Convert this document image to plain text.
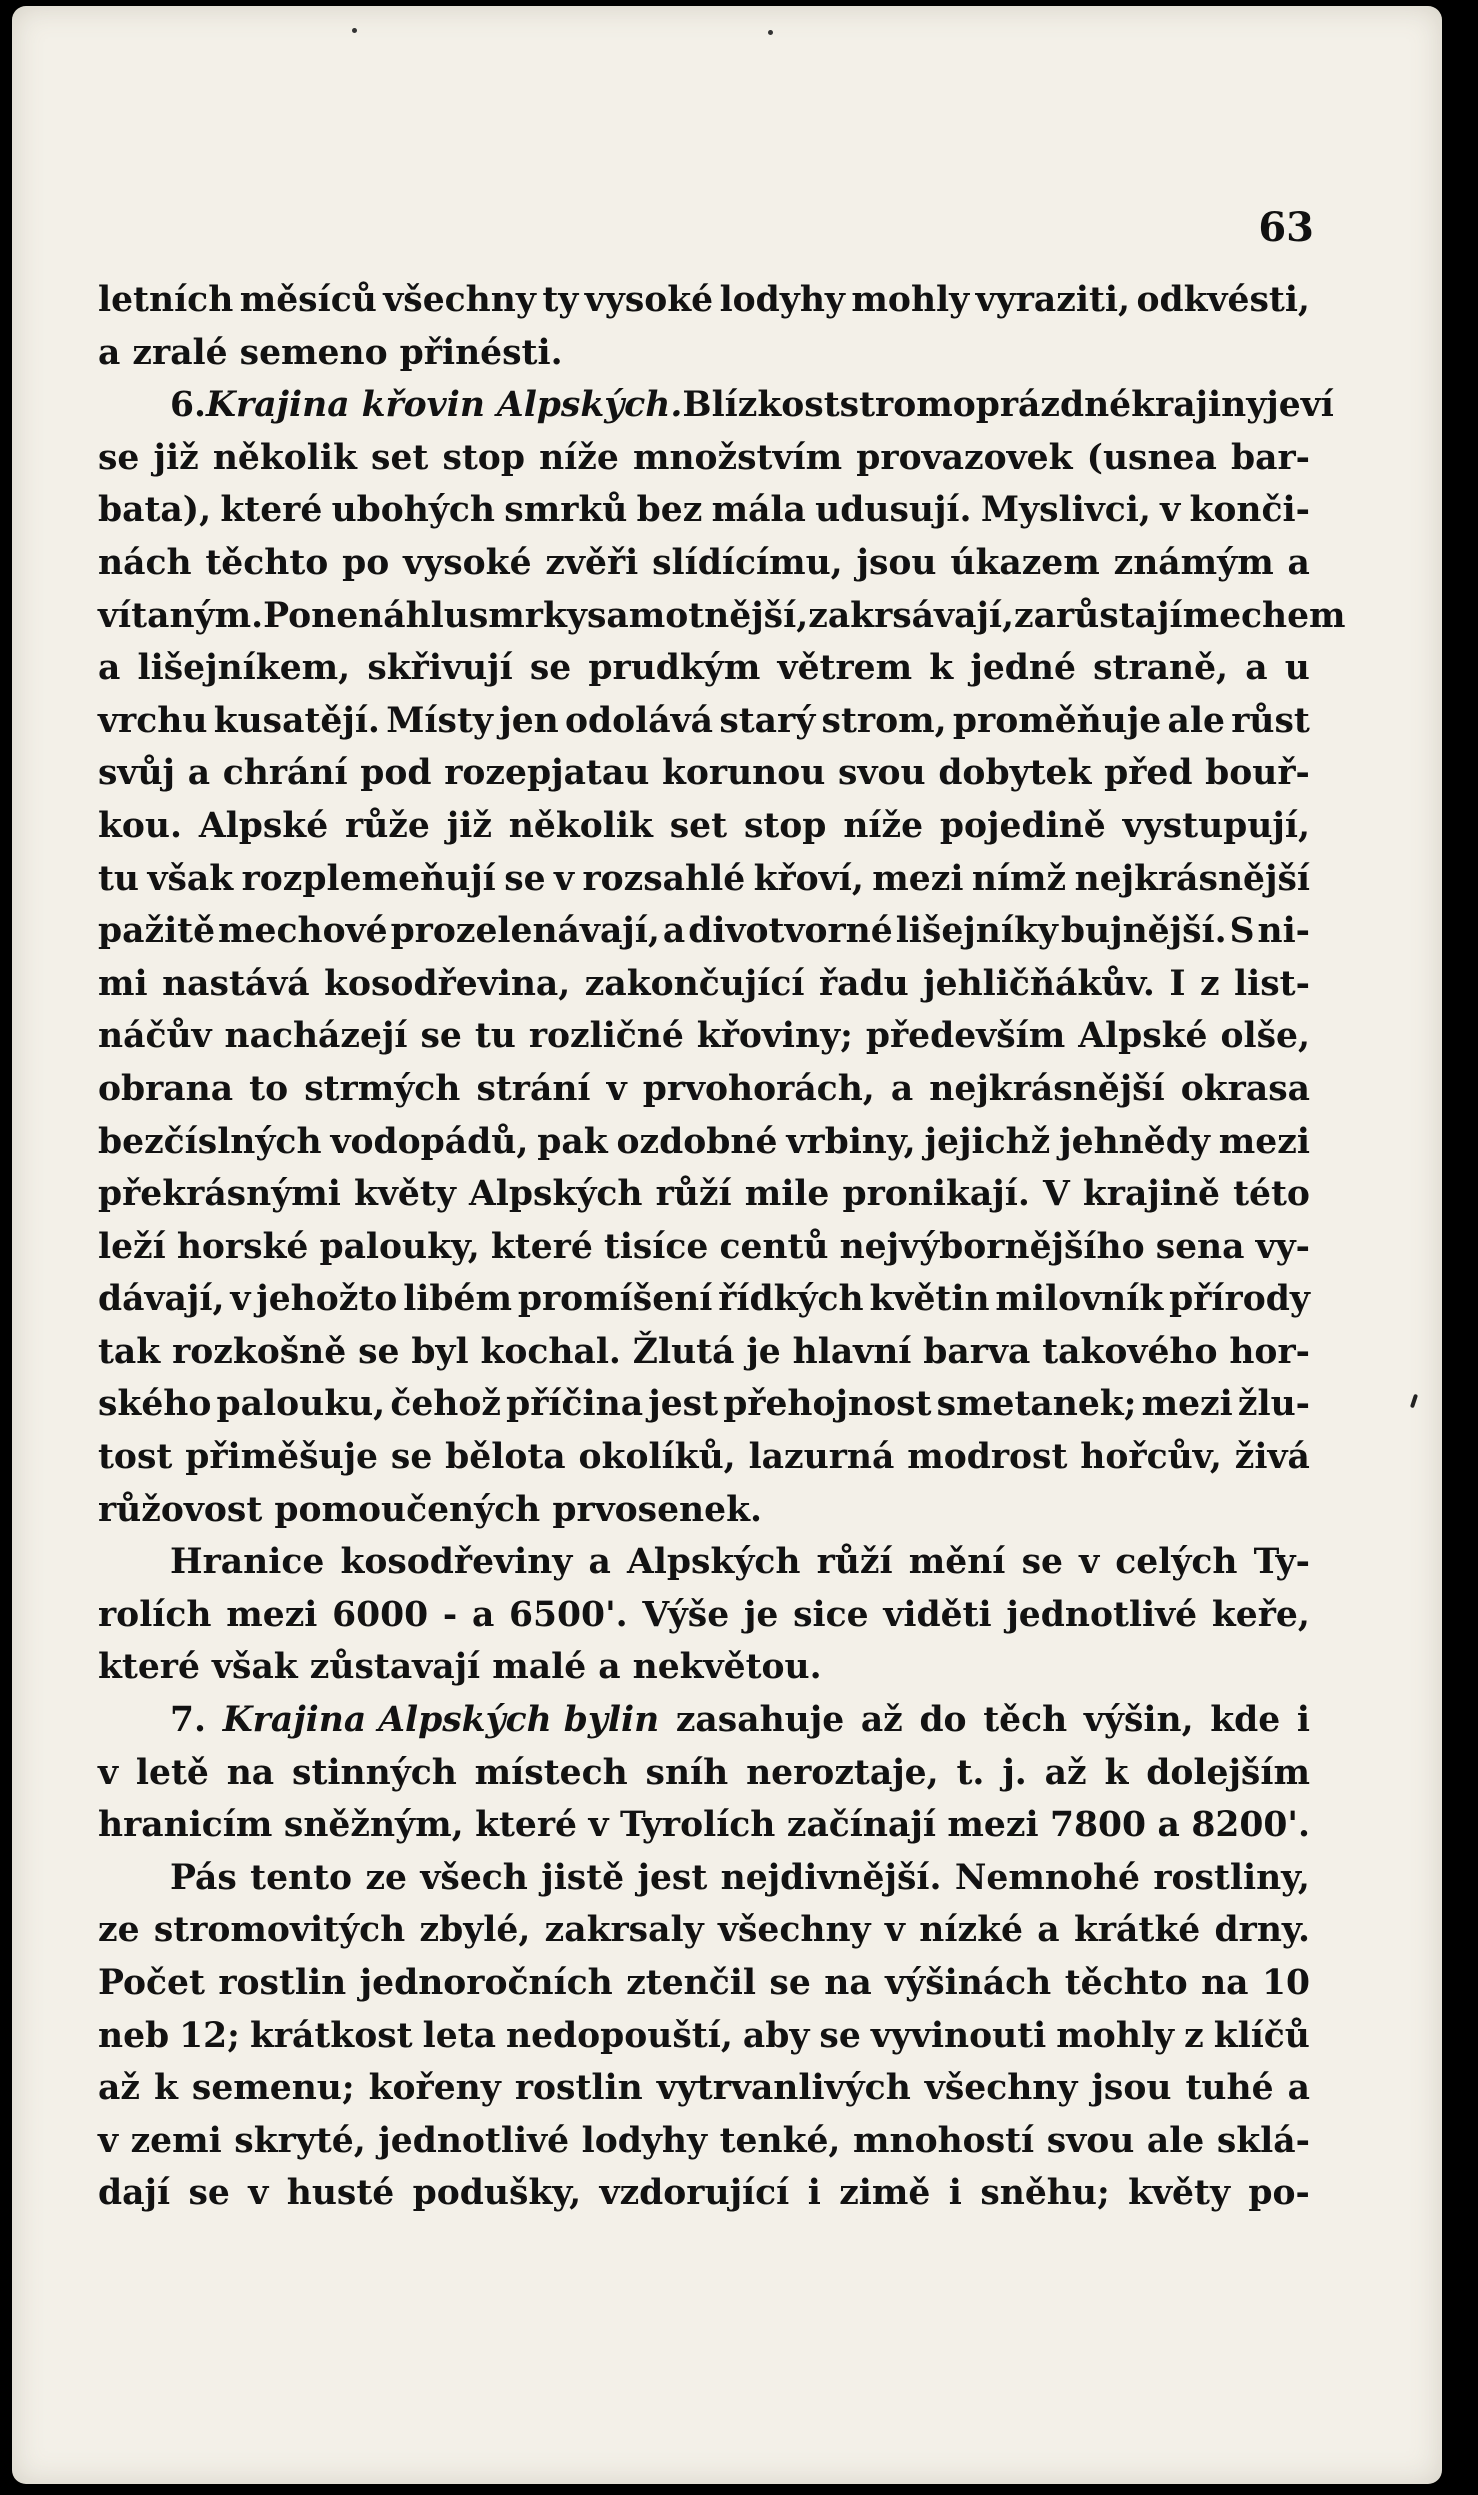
63
letních měsíců všechny ty vysoké lodyhy mohly vyraziti, odkvésti,
a zralé semeno přinésti.
6. Krajina křovin Alpských. Blízkost stromoprázdné krajiny jeví
se již několik set stop níže množstvím provazovek (usnea bar-
bata), které ubohých smrků bez mála udusují. Myslivci, v konči-
nách těchto po vysoké zvěři slídícímu, jsou úkazem známým a
vítaným. Ponenáhlu smrky samotnější, zakrsávají, zarůstají mechem
a lišejníkem, skřivují se prudkým větrem k jedné straně, a u
vrchu kusatějí. Místy jen odolává starý strom, proměňuje ale růst
svůj a chrání pod rozepjatau korunou svou dobytek před bouř-
kou. Alpské růže již několik set stop níže pojedině vystupují,
tu však rozplemeňují se v rozsahlé křoví, mezi nímž nejkrásnější
pažitě mechové prozelenávají, a divotvorné lišejníky bujnější. S ni-
mi nastává kosodřevina, zakončující řadu jehličňákův. I z list-
náčův nacházejí se tu rozličné křoviny; především Alpské olše,
obrana to strmých strání v prvohorách, a nejkrásnější okrasa
bezčíslných vodopádů, pak ozdobné vrbiny, jejichž jehnědy mezi
překrásnými květy Alpských růží mile pronikají. V krajině této
leží horské palouky, které tisíce centů nejvýbornějšího sena vy-
dávají, v jehožto libém promíšení řídkých květin milovník přírody
tak rozkošně se byl kochal. Žlutá je hlavní barva takového hor-
ského palouku, čehož příčina jest přehojnost smetanek; mezi žlu-
tost přiměšuje se bělota okolíků, lazurná modrost hořcův, živá
růžovost pomoučených prvosenek.
Hranice kosodřeviny a Alpských růží mění se v celých Ty-
rolích mezi 6000 - a 6500'. Výše je sice viděti jednotlivé keře,
které však zůstavají malé a nekvětou.
7. Krajina Alpských bylin zasahuje až do těch výšin, kde i
v letě na stinných místech sníh neroztaje, t. j. až k dolejším
hranicím sněžným, které v Tyrolích začínají mezi 7800 a 8200'.
Pás tento ze všech jistě jest nejdivnější. Nemnohé rostliny,
ze stromovitých zbylé, zakrsaly všechny v nízké a krátké drny.
Počet rostlin jednoročních ztenčil se na výšinách těchto na 10
neb 12; krátkost leta nedopouští, aby se vyvinouti mohly z klíčů
až k semenu; kořeny rostlin vytrvanlivých všechny jsou tuhé a
v zemi skryté, jednotlivé lodyhy tenké, mnohostí svou ale sklá-
dají se v husté podušky, vzdorující i zimě i sněhu; květy po-
